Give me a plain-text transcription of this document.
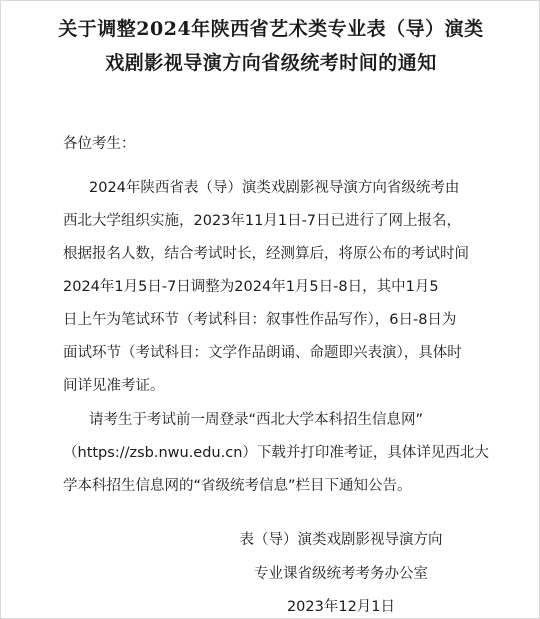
关于调整2024年陕西省艺术类专业表（导）演类
戏剧影视导演方向省级统考时间的通知
各位考生：
2024年陕西省表（导）演类戏剧影视导演方向省级统考由
西北大学组织实施，2023年11月1日-7日已进行了网上报名，
根据报名人数，结合考试时长，经测算后，将原公布的考试时间
2024年1月5日-7日调整为2024年1月5日-8日，其中1月5
日上午为笔试环节（考试科目：叙事性作品写作），6日-8日为
面试环节（考试科目：文学作品朗诵、命题即兴表演），具体时
间详见准考证。
请考生于考试前一周登录“西北大学本科招生信息网”
（https://zsb.nwu.edu.cn）下载并打印准考证，具体详见西北大
学本科招生信息网的“省级统考信息”栏目下通知公告。
表（导）演类戏剧影视导演方向
专业课省级统考考务办公室
2023年12月1日
